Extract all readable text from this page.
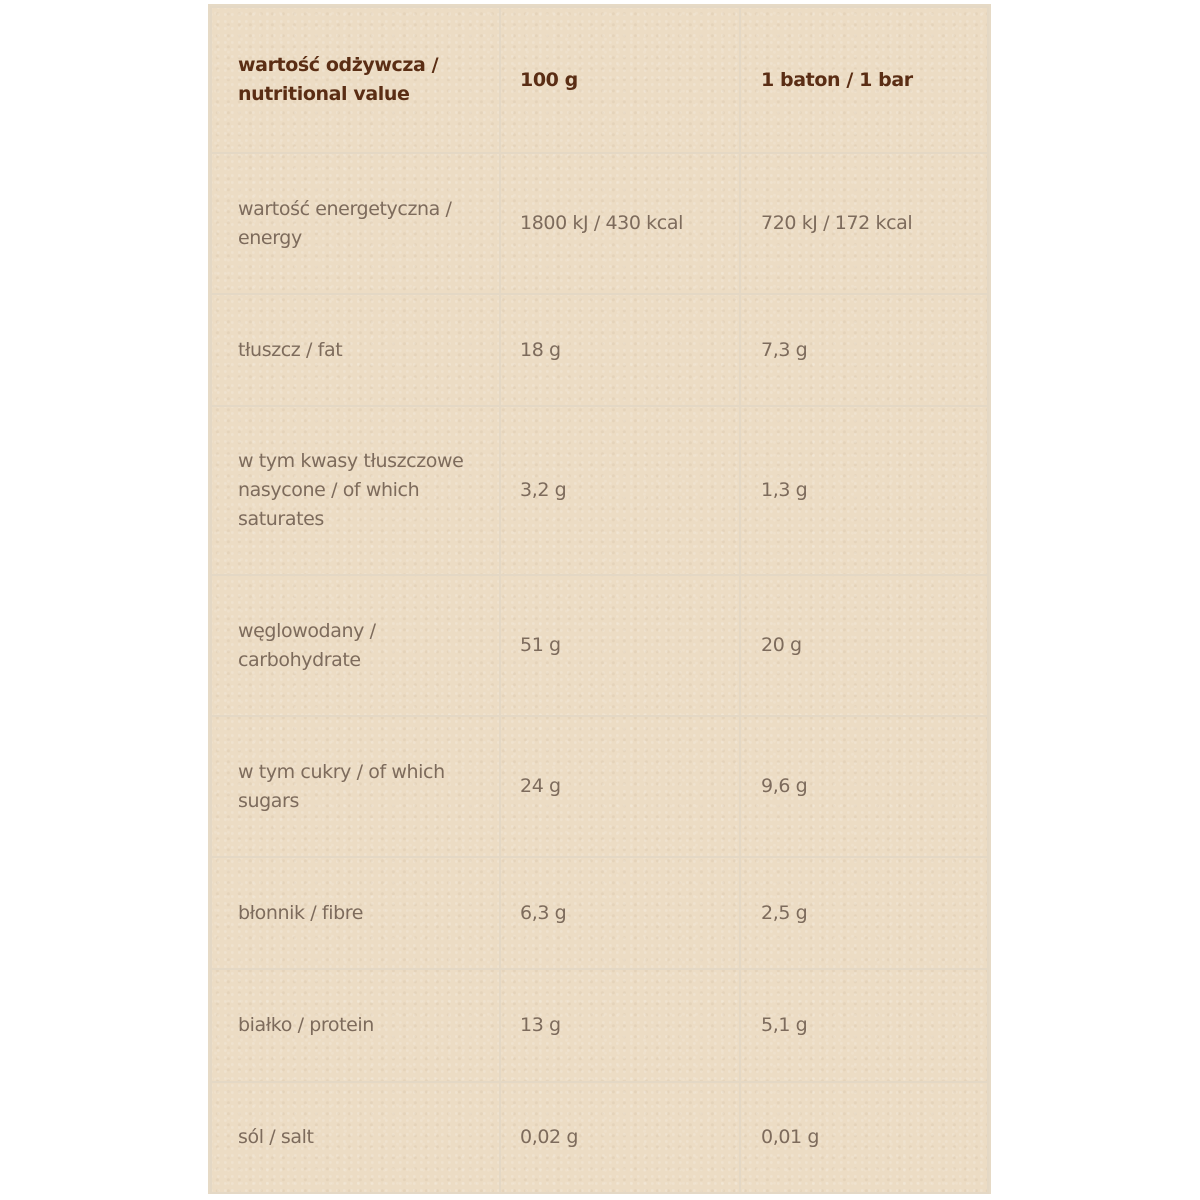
wartość odżywcza / nutritional value	100 g	1 baton / 1 bar
wartość energetyczna / energy	1800 kJ / 430 kcal	720 kJ / 172 kcal
tłuszcz / fat	18 g	7,3 g
w tym kwasy tłuszczowe nasycone / of which saturates	3,2 g	1,3 g
węglowodany / carbohydrate	51 g	20 g
w tym cukry / of which sugars	24 g	9,6 g
błonnik / fibre	6,3 g	2,5 g
białko / protein	13 g	5,1 g
sól / salt	0,02 g	0,01 g
